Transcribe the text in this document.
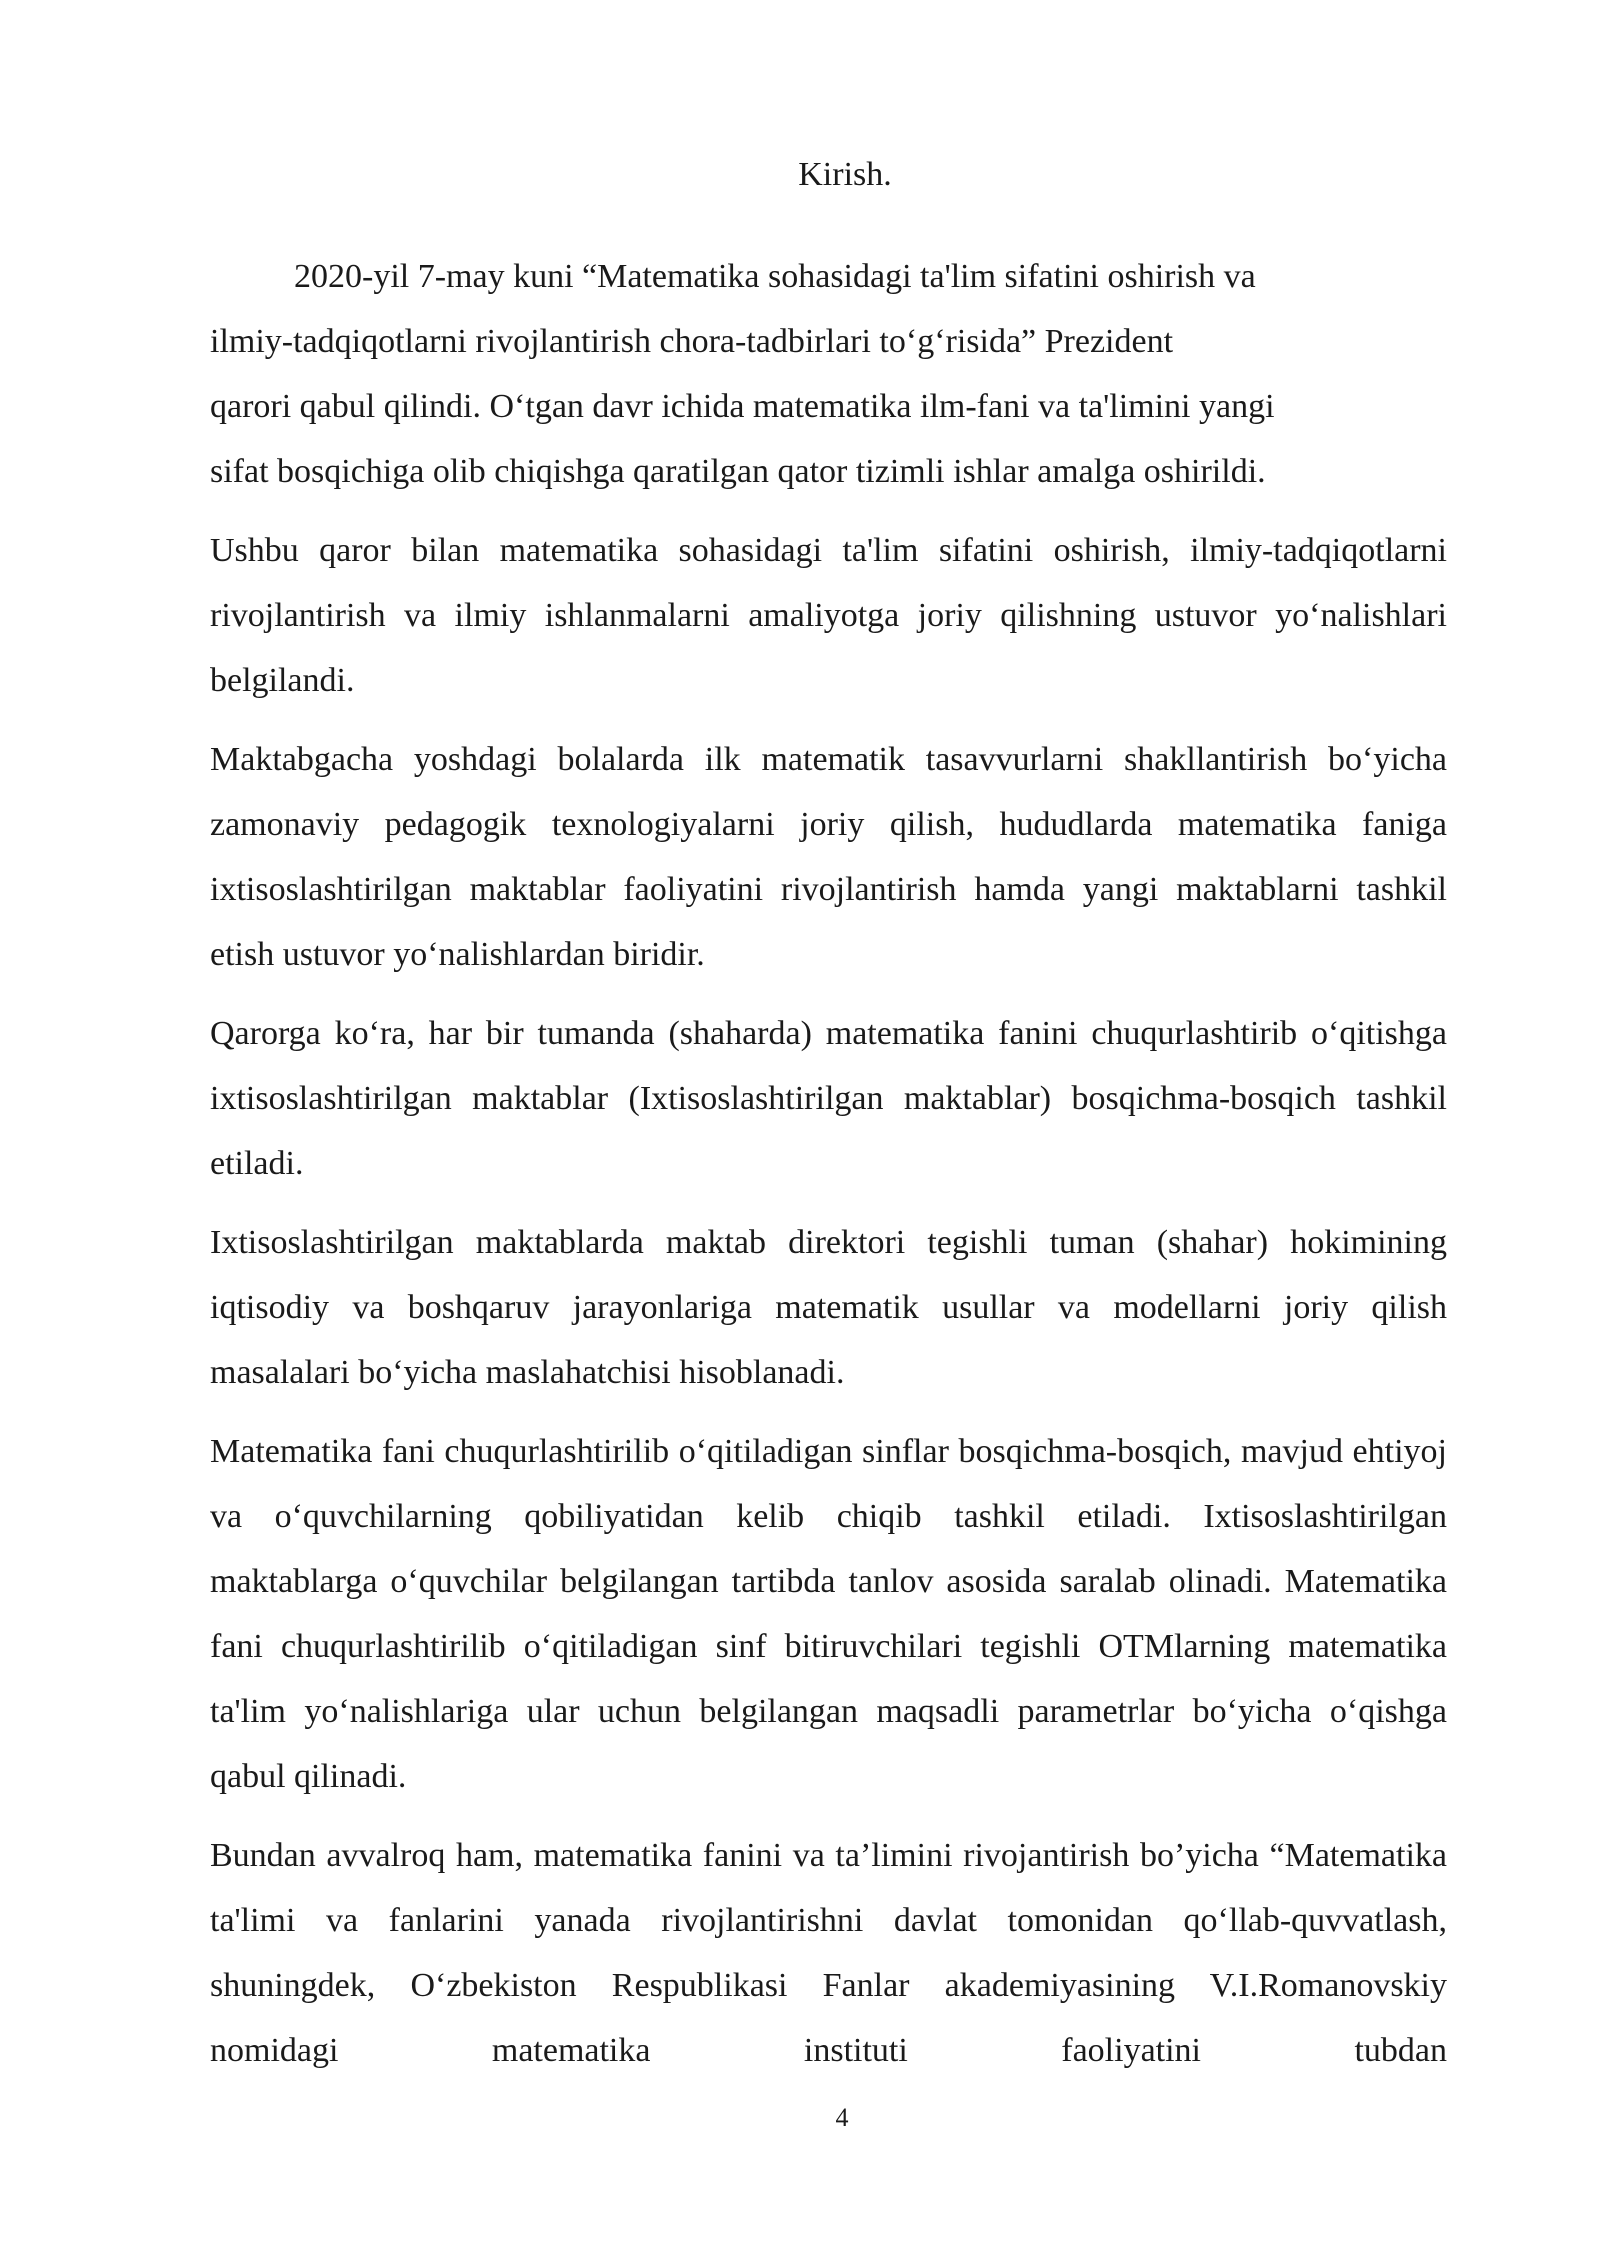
Kirish.

2020-yil 7-may kuni “Matematika sohasidagi ta'lim sifatini oshirish va
ilmiy-tadqiqotlarni rivojlantirish chora-tadbirlari to‘g‘risida” Prezident
qarori qabul qilindi. O‘tgan davr ichida matematika ilm-fani va ta'limini yangi
sifat bosqichiga olib chiqishga qaratilgan qator tizimli ishlar amalga oshirildi.

Ushbu qaror bilan matematika sohasidagi ta'lim sifatini oshirish, ilmiy-tadqiqotlarni rivojlantirish va ilmiy ishlanmalarni amaliyotga joriy qilishning ustuvor yo‘nalishlari belgilandi.

Maktabgacha yoshdagi bolalarda ilk matematik tasavvurlarni shakllantirish bo‘yicha zamonaviy pedagogik texnologiyalarni joriy qilish, hududlarda matematika faniga ixtisoslashtirilgan maktablar faoliyatini rivojlantirish hamda yangi maktablarni tashkil etish ustuvor yo‘nalishlardan biridir.

Qarorga ko‘ra, har bir tumanda (shaharda) matematika fanini chuqurlashtirib o‘qitishga ixtisoslashtirilgan maktablar (Ixtisoslashtirilgan maktablar) bosqichma-bosqich tashkil etiladi.

Ixtisoslashtirilgan maktablarda maktab direktori tegishli tuman (shahar) hokimining iqtisodiy va boshqaruv jarayonlariga matematik usullar va modellarni joriy qilish masalalari bo‘yicha maslahatchisi hisoblanadi.

Matematika fani chuqurlashtirilib o‘qitiladigan sinflar bosqichma-bosqich, mavjud ehtiyoj va o‘quvchilarning qobiliyatidan kelib chiqib tashkil etiladi. Ixtisoslashtirilgan maktablarga o‘quvchilar belgilangan tartibda tanlov asosida saralab olinadi. Matematika fani chuqurlashtirilib o‘qitiladigan sinf bitiruvchilari tegishli OTMlarning matematika ta'lim yo‘nalishlariga ular uchun belgilangan maqsadli parametrlar bo‘yicha o‘qishga qabul qilinadi.

Bundan avvalroq ham, matematika fanini va ta’limini rivojantirish bo’yicha “Matematika ta'limi va fanlarini yanada rivojlantirishni davlat tomonidan qo‘llab-quvvatlash, shuningdek, O‘zbekiston Respublikasi Fanlar akademiyasining V.I.Romanovskiy nomidagi matematika instituti faoliyatini tubdan

4
